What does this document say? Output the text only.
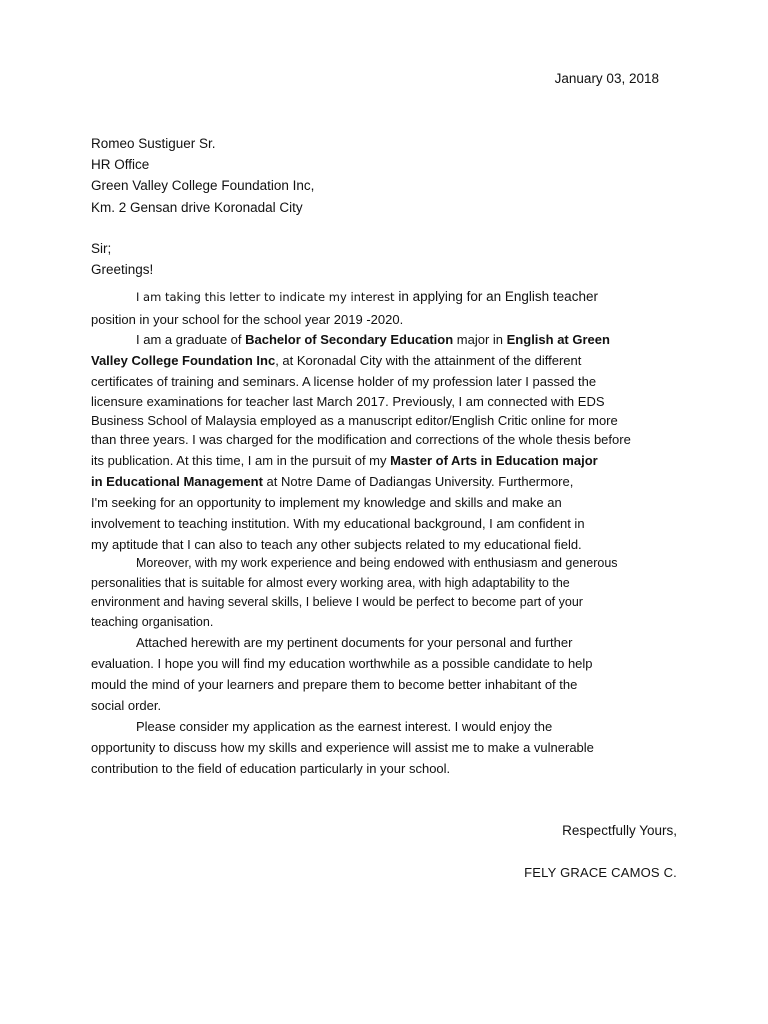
January 03, 2018
Romeo Sustiguer Sr.
HR Office
Green Valley College Foundation Inc,
Km. 2 Gensan drive Koronadal City
Sir;
Greetings!
I am taking this letter to indicate my interest in applying for an English teacher
position in your school for the school year 2019 -2020.
I am a graduate of Bachelor of Secondary Education major in English at Green
Valley College Foundation Inc, at Koronadal City with the attainment of the different
certificates of training and seminars. A license holder of my profession later I passed the
licensure examinations for teacher last March 2017. Previously, I am connected with EDS
Business School of Malaysia employed as a manuscript editor/English Critic online for more
than three years. I was charged for the modification and corrections of the whole thesis before
its publication. At this time, I am in the pursuit of my Master of Arts in Education major
in Educational Management at Notre Dame of Dadiangas University. Furthermore,
I'm seeking for an opportunity to implement my knowledge and skills and make an
involvement to teaching institution. With my educational background, I am confident in
my aptitude that I can also to teach any other subjects related to my educational field.
Moreover, with my work experience and being endowed with enthusiasm and generous
personalities that is suitable for almost every working area, with high adaptability to the
environment and having several skills, I believe I would be perfect to become part of your
teaching organisation.
Attached herewith are my pertinent documents for your personal and further
evaluation. I hope you will find my education worthwhile as a possible candidate to help
mould the mind of your learners and prepare them to become better inhabitant of the
social order.
Please consider my application as the earnest interest. I would enjoy the
opportunity to discuss how my skills and experience will assist me to make a vulnerable
contribution to the field of education particularly in your school.
Respectfully Yours,
FELY GRACE CAMOS C.
